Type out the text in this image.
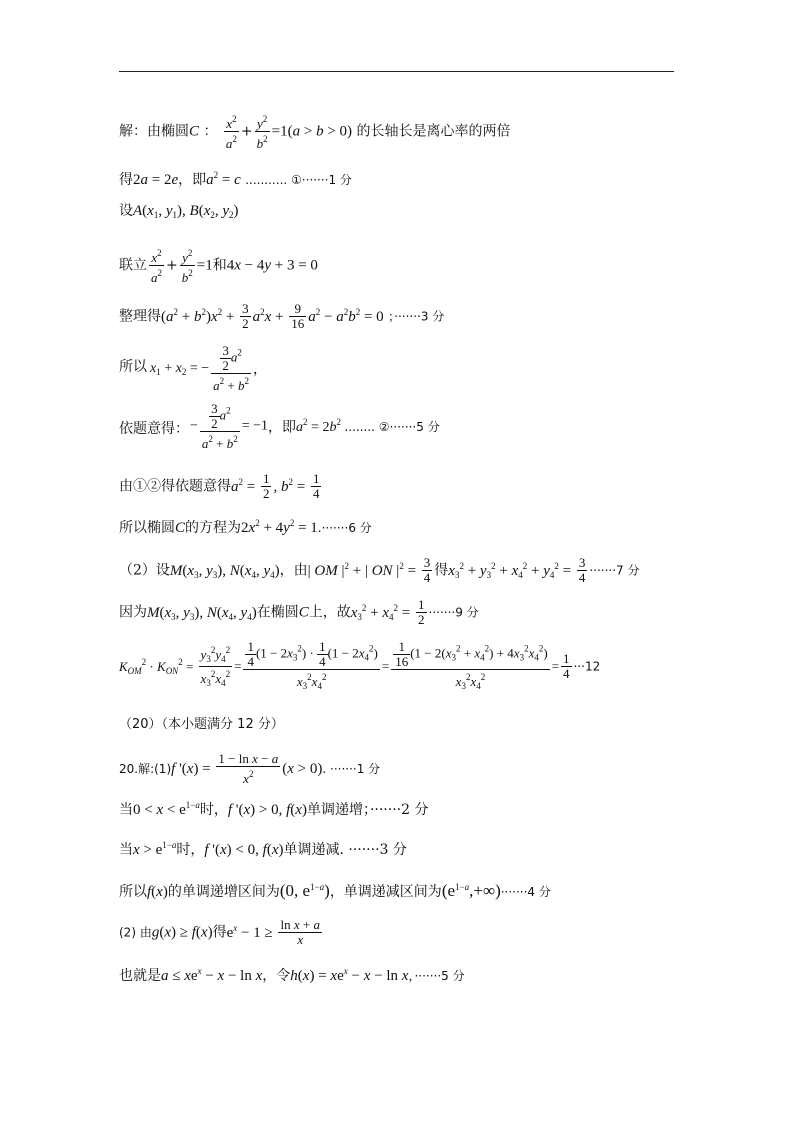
解：由椭圆C ： $\frac{x^2}{a^2} + \frac{y^2}{b^2} =1(a > b > 0)$ 的长轴长是离心率的两倍
得2a = 2e，即$a^2 = c$ ........... ①·······1 分
设$A(x_1$, $y_1$), $B(x_2$, $y_2$)
联立 $\frac{x^2}{a^2} + \frac{y^2}{b^2} =1$和4x − 4y + 3 = 0
整理得$(a^2 + b^2)x^2 + \frac{3}{2} a^2x + \frac{9}{16} a^2 - a^2b^2 = 0$ ；·······3 分
所以 $x_1 + x_2$ = − $\frac{\frac{3}{2} a^2}{a^2 + b^2}$ ，
依题意得： − $\frac{\frac{3}{2} a^2}{a^2 + b^2} = -1$，即$a^2 = 2b^2$ ........ ②·······5 分
由①②得依题意得$a^2 = \frac{1}{2}$ , $b^2 = \frac{1}{4}$
所以椭圆C的方程为$2x^2 + 4y^2 = 1.\cdot\cdot\cdot\cdot\cdot\cdot\cdot 6$ 分
（2）设$M(x_3$, $y_3$), $N(x_4$, $y_4$)，由| OM $|^2$ + | ON $|^2 = \frac{3}{4}$ 得$x_3^2 + y_3^2 + x_4^2 + y_4^2 = \frac{3}{4} \cdot\cdot\cdot\cdot\cdot\cdot\cdot 7$ 分
因为$M(x_3$, $y_3$), $N(x_4$, $y_4$)在椭圆C上，故$x_3^2 + x_4^2 = \frac{1}{2} \cdot\cdot\cdot\cdot\cdot\cdot\cdot 9$ 分
$K_{OM}^2 \cdot K_{ON}^2 = \frac{y_3^2y_4^2}{x_3^2x_4^2} = \frac{\frac{1}{4} (1 - 2x_3^2) \cdot \frac{1}{4} (1 - 2x_4^2)}{x_3^2x_4^2} = \frac{\frac{1}{16} (1 - 2(x_3^2 + x_4^2) + 4x_3^2x_4^2)}{x_3^2x_4^2} = \frac{1}{4} \cdot\cdot\cdot 12$
（20）（本小题满分 12 分）
20.解:(1)f '$(x) = \frac{\text{1 − ln x − a}}{x^2} (x > 0)$. ·······1 分
当$0 < x < e^{1-a}$时，f '(x) > 0, f(x)单调递增；·······2 分
当$x > e^{1-a}$时，f '(x) < 0, f(x)单调递减. ·······3 分
所以f(x)的单调递增区间为(0, $e^{1-a}$)，单调递减区间为$(e^{1-a},+\infty)\cdot\cdot\cdot\cdot\cdot\cdot\cdot 4$ 分
(2) 由g(x) ≥ f(x)得$e^x - 1 \ge \frac{\text{ln x + a}}{x}$
也就是$a \le xe^x - x - \ln x$，令$h(x) = xe^x - x - \ln x$，·······5 分
